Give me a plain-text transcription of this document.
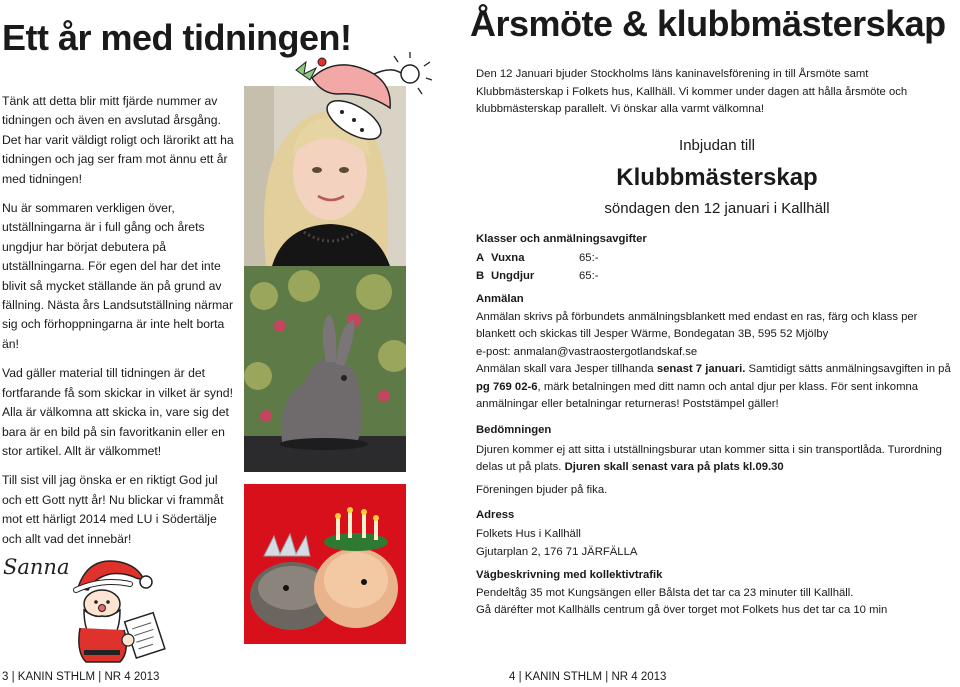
Ett år med tidningen!

Tänk att detta blir mitt fjärde nummer av tidningen och även en avslutad årsgång. Det har varit väldigt roligt och lärorikt att ha tidningen och jag ser fram mot ännu ett år med tidningen!

Nu är sommaren verkligen över, utställningarna är i full gång och årets ungdjur har börjat debutera på utställningarna. För egen del har det inte blivit så mycket ställande än på grund av fällning. Nästa års Landsutställning närmar sig och förhoppningarna är inte helt borta än!

Vad gäller material till tidningen är det fortfarande få som skickar in vilket är synd! Alla är välkomna att skicka in, vare sig det bara är en bild på sin favoritkanin eller en stor artikel. Allt är välkommet!

Till sist vill jag önska er en riktigt God jul och ett Gott nytt år! Nu blickar vi frammåt mot ett härligt 2014 med LU i Södertälje och allt vad det innebär!

Sanna
3 | KANIN STHLM | NR 4 2013
Årsmöte & klubbmästerskap

Den 12 Januari bjuder Stockholms läns kaninavelsförening in till Årsmöte samt Klubbmästerskap i Folkets hus, Kallhäll. Vi kommer under dagen att hålla årsmöte och klubbmästerskap parallelt. Vi önskar alla varmt välkomna!

Inbjudan till
Klubbmästerskap
söndagen den 12 januari i Kallhäll
Klasser och anmälningsavgifter
A Vuxna	65:-
B Ungdjur	65:-
Anmälan

Anmälan skrivs på förbundets anmälningsblankett med endast en ras, färg och klass per blankett och skickas till Jesper Wärme, Bondegatan 3B, 595 52 Mjölby

e-post: anmalan@vastraostergotlandskaf.se

Anmälan skall vara Jesper tillhanda senast 7 januari. Samtidigt sätts anmälningsavgiften in på pg 769 02-6, märk betalningen med ditt namn och antal djur per klass. För sent inkomna anmälningar eller betalningar returneras! Poststämpel gäller!

Bedömningen

Djuren kommer ej att sitta i utställningsburar utan kommer sitta i sin transportlåda. Turordning delas ut på plats. Djuren skall senast vara på plats kl.09.30

Föreningen bjuder på fika.
Adress

Folkets Hus i Kallhäll

Gjutarplan 2, 176 71 JÄRFÄLLA

Vägbeskrivning med kollektivtrafik

Pendeltåg 35 mot Kungsängen eller Bålsta det tar ca 23 minuter till Kallhäll.

Gå däréfter mot Kallhälls centrum gå över torget mot Folkets hus det tar ca 10 min

4 | KANIN STHLM | NR 4 2013
